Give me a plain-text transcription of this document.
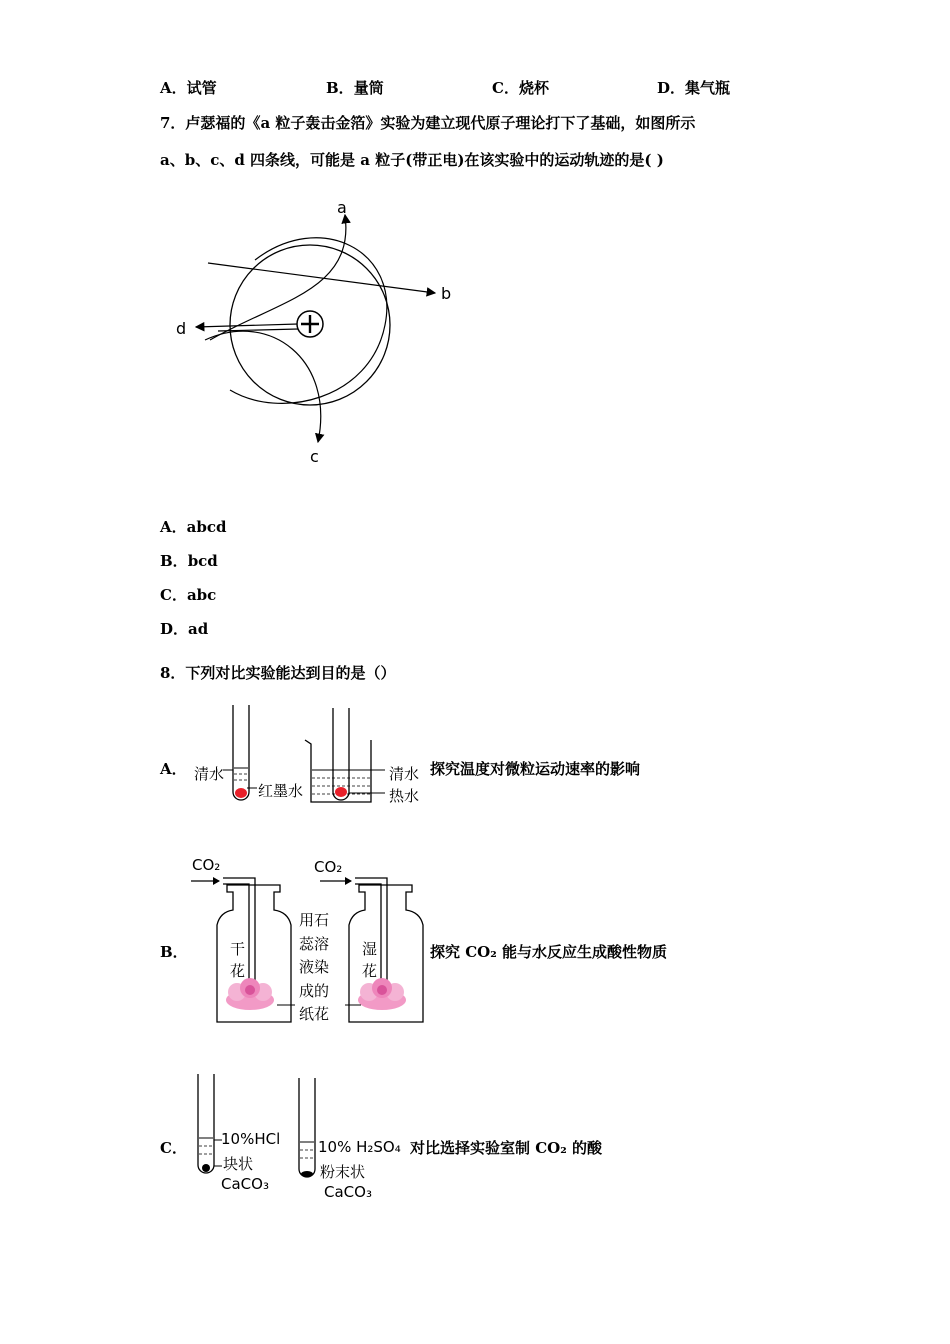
A．试管	B．量筒	C．烧杯	D．集气瓶
7．卢瑟福的《a 粒子轰击金箔》实验为建立现代原子理论打下了基础，如图所示
a、b、c、d 四条线，可能是 a 粒子(带正电)在该实验中的运动轨迹的是( )
a
b
c
d
A．abcd
B．bcd
C．abc
D．ad
8．下列对比实验能达到目的是（）
A． 清水
红墨水
清水
热水
探究温度对微粒运动速率的影响
B．
CO₂	CO₂
干
花
湿
花
用石
蕊溶
液染
成的
纸花
探究 CO₂ 能与水反应生成酸性物质
C． 10%HCl
块状
CaCO₃
10% H₂SO₄
粉末状
CaCO₃
对比选择实验室制 CO₂ 的酸
